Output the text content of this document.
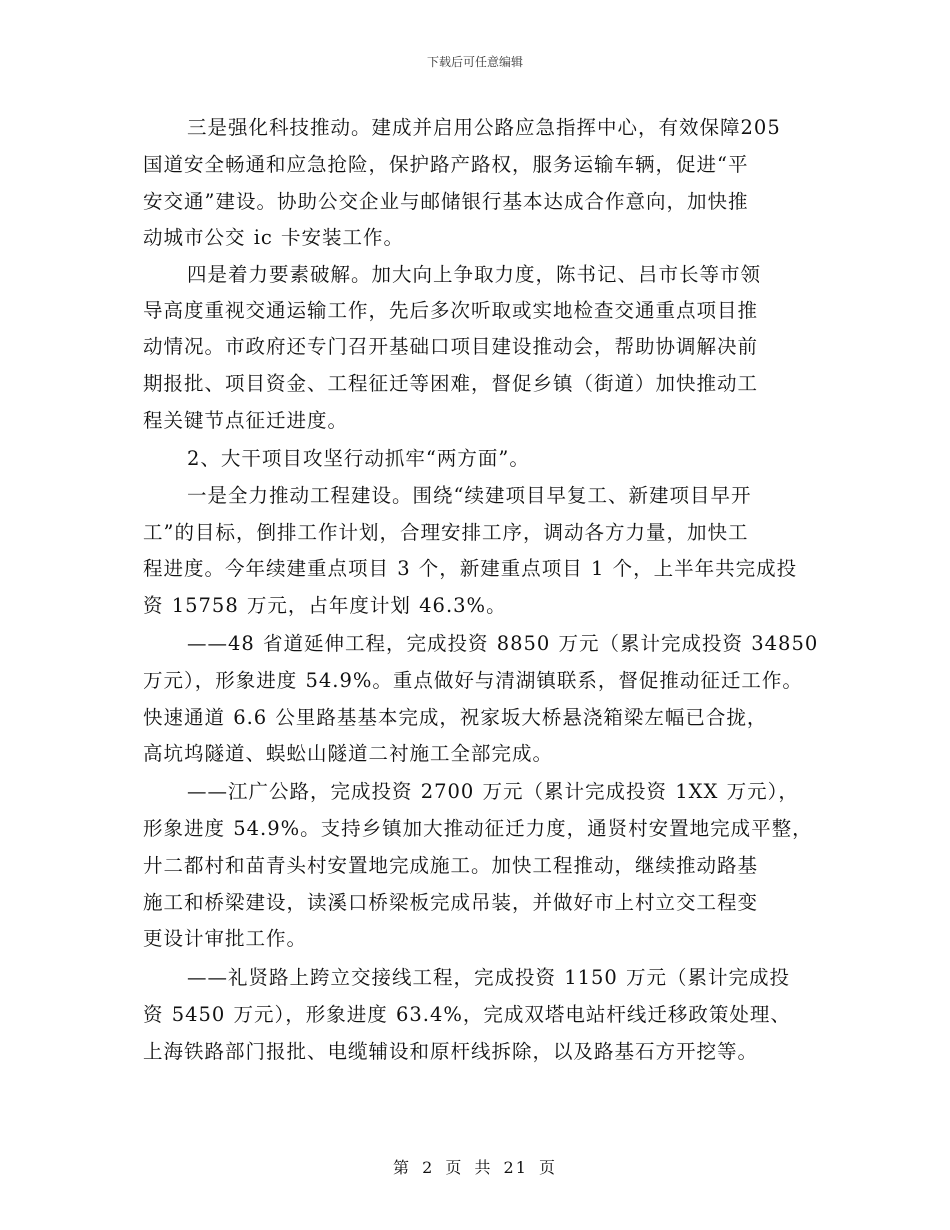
下载后可任意编辑
三是强化科技推动。建成并启用公路应急指挥中心，有效保障205
国道安全畅通和应急抢险，保护路产路权，服务运输车辆，促进“平
安交通”建设。协助公交企业与邮储银行基本达成合作意向，加快推
动城市公交 ic 卡安装工作。
四是着力要素破解。加大向上争取力度，陈书记、吕市长等市领
导高度重视交通运输工作，先后多次听取或实地检查交通重点项目推
动情况。市政府还专门召开基础口项目建设推动会，帮助协调解决前
期报批、项目资金、工程征迁等困难，督促乡镇（街道）加快推动工
程关键节点征迁进度。
2、大干项目攻坚行动抓牢“两方面”。
一是全力推动工程建设。围绕“续建项目早复工、新建项目早开
工”的目标，倒排工作计划，合理安排工序，调动各方力量，加快工
程进度。今年续建重点项目 3 个，新建重点项目 1 个，上半年共完成投
资 15758 万元，占年度计划 46.3%。
——48 省道延伸工程，完成投资 8850 万元（累计完成投资 34850
万元），形象进度 54.9%。重点做好与清湖镇联系，督促推动征迁工作。
快速通道 6.6 公里路基基本完成，祝家坂大桥悬浇箱梁左幅已合拢，
高坑坞隧道、蜈蚣山隧道二衬施工全部完成。
——江广公路，完成投资 2700 万元（累计完成投资 1XX 万元），
形象进度 54.9%。支持乡镇加大推动征迁力度，通贤村安置地完成平整，
廾二都村和苗青头村安置地完成施工。加快工程推动，继续推动路基
施工和桥梁建设，读溪口桥梁板完成吊装，并做好市上村立交工程变
更设计审批工作。
——礼贤路上跨立交接线工程，完成投资 1150 万元（累计完成投
资 5450 万元），形象进度 63.4%，完成双塔电站杆线迁移政策处理、
上海铁路部门报批、电缆辅设和原杆线拆除，以及路基石方开挖等。
第 2 页 共 21 页
